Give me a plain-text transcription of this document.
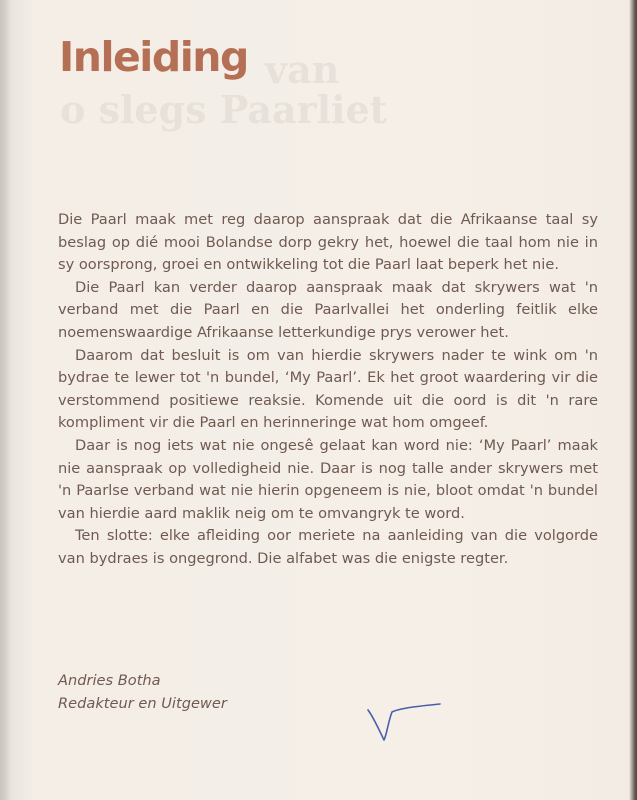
van
o slegs Paarliet
Inleiding

Die Paarl maak met reg daarop aanspraak dat die Afrikaanse taal sy beslag op dié mooi Bolandse dorp gekry het, hoewel die taal hom nie in sy oorsprong, groei en ontwikkeling tot die Paarl laat beperk het nie.

Die Paarl kan verder daarop aanspraak maak dat skrywers wat 'n verband met die Paarl en die Paarlvallei het onderling feitlik elke noemenswaardige Afrikaanse letterkundige prys verower het.

Daarom dat besluit is om van hierdie skrywers nader te wink om 'n bydrae te lewer tot 'n bundel, ‘My Paarl’. Ek het groot waardering vir die verstommend positiewe reaksie. Komende uit die oord is dit 'n rare kompliment vir die Paarl en herinneringe wat hom omgeef.

Daar is nog iets wat nie ongesê gelaat kan word nie: ‘My Paarl’ maak nie aanspraak op volledigheid nie. Daar is nog talle ander skrywers met 'n Paarlse verband wat nie hierin opgeneem is nie, bloot omdat 'n bundel van hierdie aard maklik neig om te omvangryk te word.

Ten slotte: elke afleiding oor meriete na aanleiding van die volgorde van bydraes is ongegrond. Die alfabet was die enigste regter.

Andries Botha
Redakteur en Uitgewer
